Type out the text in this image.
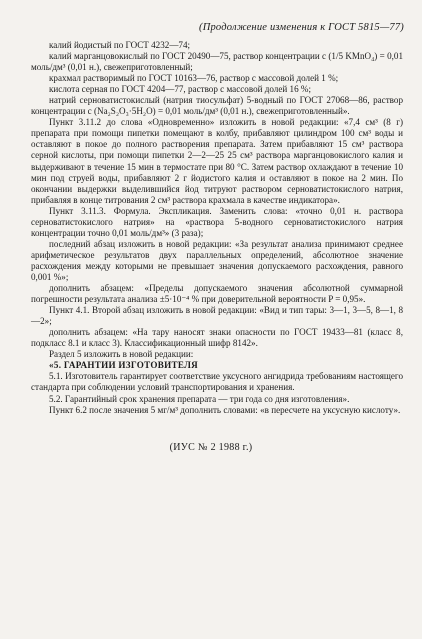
(Продолжение изменения к ГОСТ 5815—77)

калий йодистый по ГОСТ 4232—74;

калий марганцовокислый по ГОСТ 20490—75, раствор концентрации с (1/5 KMnO₄) = 0,01 моль/дм³ (0,01 н.), свежеприготовленный;

крахмал растворимый по ГОСТ 10163—76, раствор с массовой долей 1 %;

кислота серная по ГОСТ 4204—77, раствор с массовой долей 16 %;

натрий серноватистокислый (натрия тиосульфат) 5-водный по ГОСТ 27068—86, раствор концентрации с (Na₂S₂O₃·5H₂O) = 0,01 моль/дм³ (0,01 н.), свежеприготовленный».

Пункт 3.11.2 до слова «Одновременно» изложить в новой редакции: «7,4 см³ (8 г) препарата при помощи пипетки помещают в колбу, прибавляют цилиндром 100 см³ воды и оставляют в покое до полного растворения препарата. Затем прибавляют 15 см³ раствора серной кислоты, при помощи пипетки 2—2—25 25 см³ раствора марганцовокислого калия и выдерживают в течение 15 мин в термостате при 80 °С. Затем раствор охлаждают в течение 10 мин под струей воды, прибавляют 2 г йодистого калия и оставляют в покое на 2 мин. По окончании выдержки выделившийся йод титруют раствором серноватистокислого натрия, прибавляя в конце титрования 2 см³ раствора крахмала в качестве индикатора».

Пункт 3.11.3. Формула. Экспликация. Заменить слова: «точно 0,01 н. раствора серноватистокислого натрия» на «раствора 5-водного серноватистокислого натрия концентрации точно 0,01 моль/дм³» (3 раза);

последний абзац изложить в новой редакции: «За результат анализа принимают среднее арифметическое результатов двух параллельных определений, абсолютное значение расхождения между которыми не превышает значения допускаемого расхождения, равного 0,001 %»;

дополнить абзацем: «Пределы допускаемого значения абсолютной суммарной погрешности результата анализа ±5·10⁻⁴ % при доверительной вероятности P = 0,95».

Пункт 4.1. Второй абзац изложить в новой редакции: «Вид и тип тары: 3—1, 3—5, 8—1, 8—2»;

дополнить абзацем: «На тару наносят знаки опасности по ГОСТ 19433—81 (класс 8, подкласс 8.1 и класс 3). Классификационный шифр 8142».

Раздел 5 изложить в новой редакции:

«5. ГАРАНТИИ ИЗГОТОВИТЕЛЯ

5.1. Изготовитель гарантирует соответствие уксусного ангидрида требованиям настоящего стандарта при соблюдении условий транспортирования и хранения.

5.2. Гарантийный срок хранения препарата — три года со дня изготовления».

Пункт 6.2 после значения 5 мг/м³ дополнить словами: «в пересчете на уксусную кислоту».

(ИУС № 2 1988 г.)
